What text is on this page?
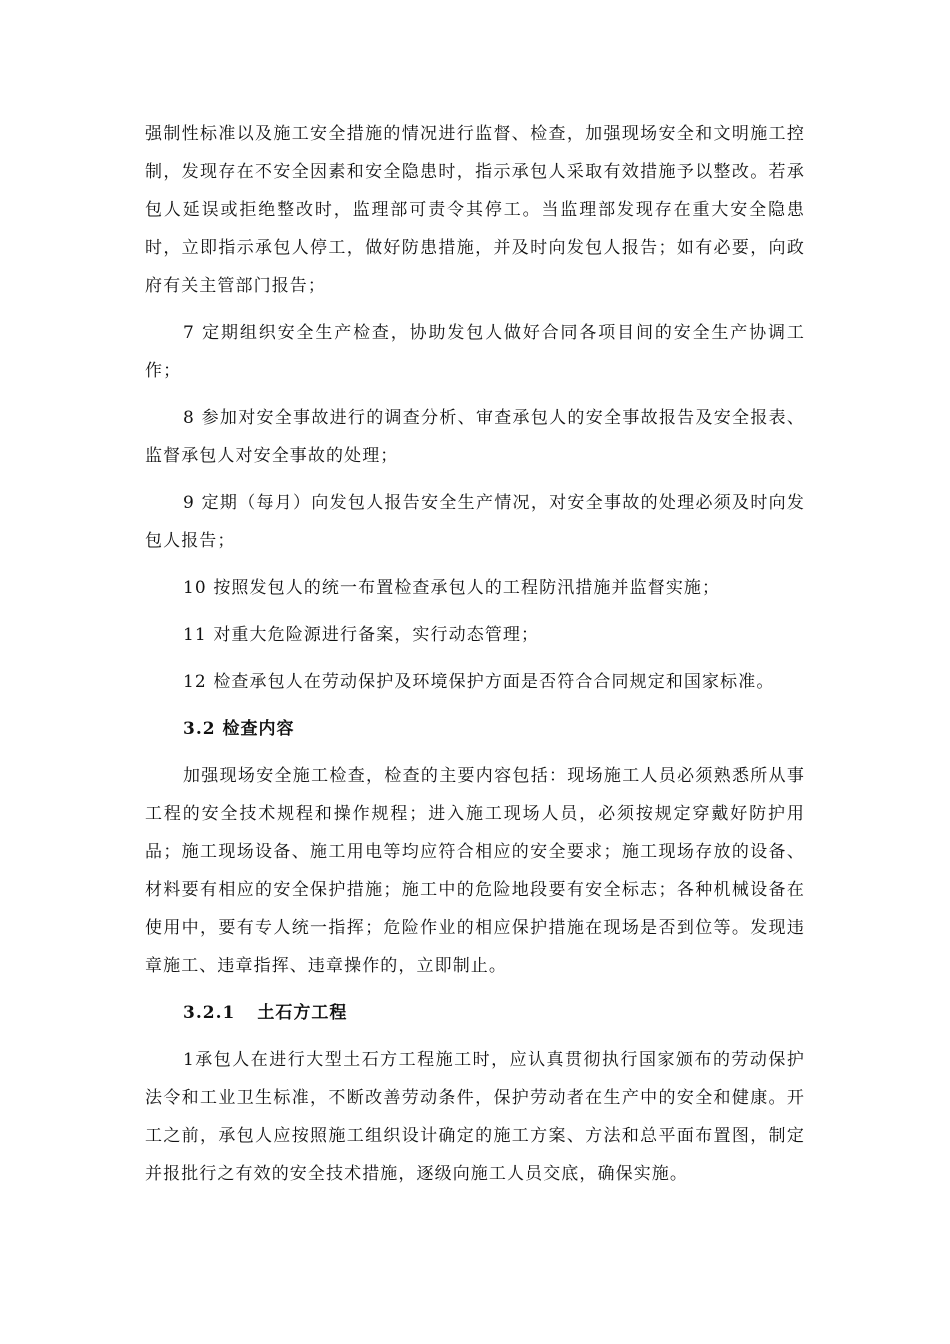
强制性标准以及施工安全措施的情况进行监督、检查，加强现场安全和文明施工控制，发现存在不安全因素和安全隐患时，指示承包人采取有效措施予以整改。若承包人延误或拒绝整改时，监理部可责令其停工。当监理部发现存在重大安全隐患时，立即指示承包人停工，做好防患措施，并及时向发包人报告；如有必要，向政府有关主管部门报告；

7 定期组织安全生产检查，协助发包人做好合同各项目间的安全生产协调工作；

8 参加对安全事故进行的调查分析、审查承包人的安全事故报告及安全报表、监督承包人对安全事故的处理；

9 定期（每月）向发包人报告安全生产情况，对安全事故的处理必须及时向发包人报告；

10 按照发包人的统一布置检查承包人的工程防汛措施并监督实施；

11 对重大危险源进行备案，实行动态管理；

12 检查承包人在劳动保护及环境保护方面是否符合合同规定和国家标准。

3.2 检查内容

加强现场安全施工检查，检查的主要内容包括：现场施工人员必须熟悉所从事工程的安全技术规程和操作规程；进入施工现场人员，必须按规定穿戴好防护用品；施工现场设备、施工用电等均应符合相应的安全要求；施工现场存放的设备、材料要有相应的安全保护措施；施工中的危险地段要有安全标志；各种机械设备在使用中，要有专人统一指挥；危险作业的相应保护措施在现场是否到位等。发现违章施工、违章指挥、违章操作的，立即制止。

3.2.1 土石方工程

1承包人在进行大型土石方工程施工时，应认真贯彻执行国家颁布的劳动保护法令和工业卫生标准，不断改善劳动条件，保护劳动者在生产中的安全和健康。开工之前，承包人应按照施工组织设计确定的施工方案、方法和总平面布置图，制定并报批行之有效的安全技术措施，逐级向施工人员交底，确保实施。
